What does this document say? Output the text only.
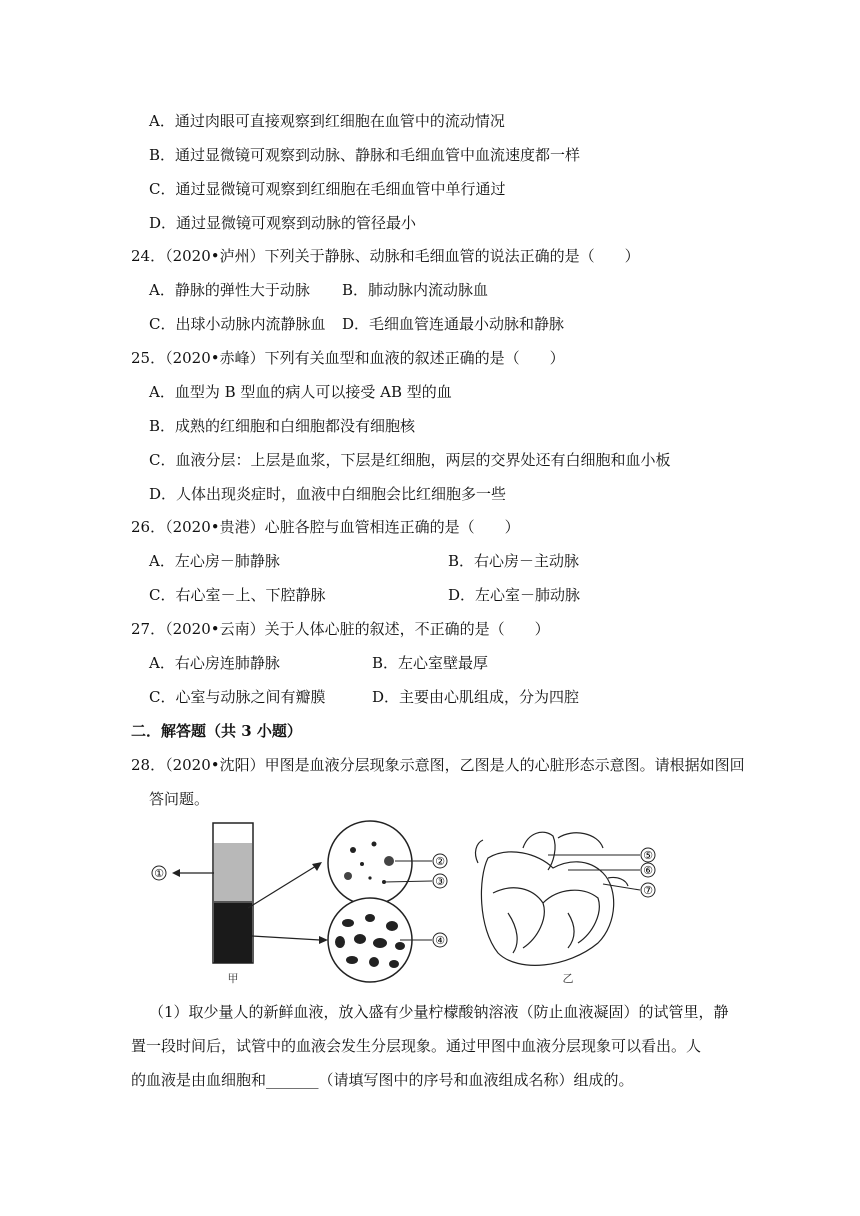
A．通过肉眼可直接观察到红细胞在血管中的流动情况
B．通过显微镜可观察到动脉、静脉和毛细血管中血流速度都一样
C．通过显微镜可观察到红细胞在毛细血管中单行通过
D．通过显微镜可观察到动脉的管径最小
24．（2020•泸州）下列关于静脉、动脉和毛细血管的说法正确的是（　　）
A．静脉的弹性大于动脉 B．肺动脉内流动脉血
C．出球小动脉内流静脉血 D．毛细血管连通最小动脉和静脉
25．（2020•赤峰）下列有关血型和血液的叙述正确的是（　　）
A．血型为 B 型血的病人可以接受 AB 型的血
B．成熟的红细胞和白细胞都没有细胞核
C．血液分层：上层是血浆，下层是红细胞，两层的交界处还有白细胞和血小板
D．人体出现炎症时，血液中白细胞会比红细胞多一些
26．（2020•贵港）心脏各腔与血管相连正确的是（　　）
A．左心房－肺静脉	B．右心房－主动脉
C．右心室－上、下腔静脉	D．左心室－肺动脉
27．（2020•云南）关于人体心脏的叙述，不正确的是（　　）
A．右心房连肺静脉	B．左心室壁最厚
C．心室与动脉之间有瓣膜	D．主要由心肌组成，分为四腔
二．解答题（共 3 小题）
28．（2020•沈阳）甲图是血液分层现象示意图，乙图是人的心脏形态示意图。请根据如图回
答问题。
①
②
③
④
甲
⑤
⑥
⑦
乙
（1）取少量人的新鲜血液，放入盛有少量柠檬酸钠溶液（防止血液凝固）的试管里，静
置一段时间后，试管中的血液会发生分层现象。通过甲图中血液分层现象可以看出。人
的血液是由血细胞和_______（请填写图中的序号和血液组成名称）组成的。
